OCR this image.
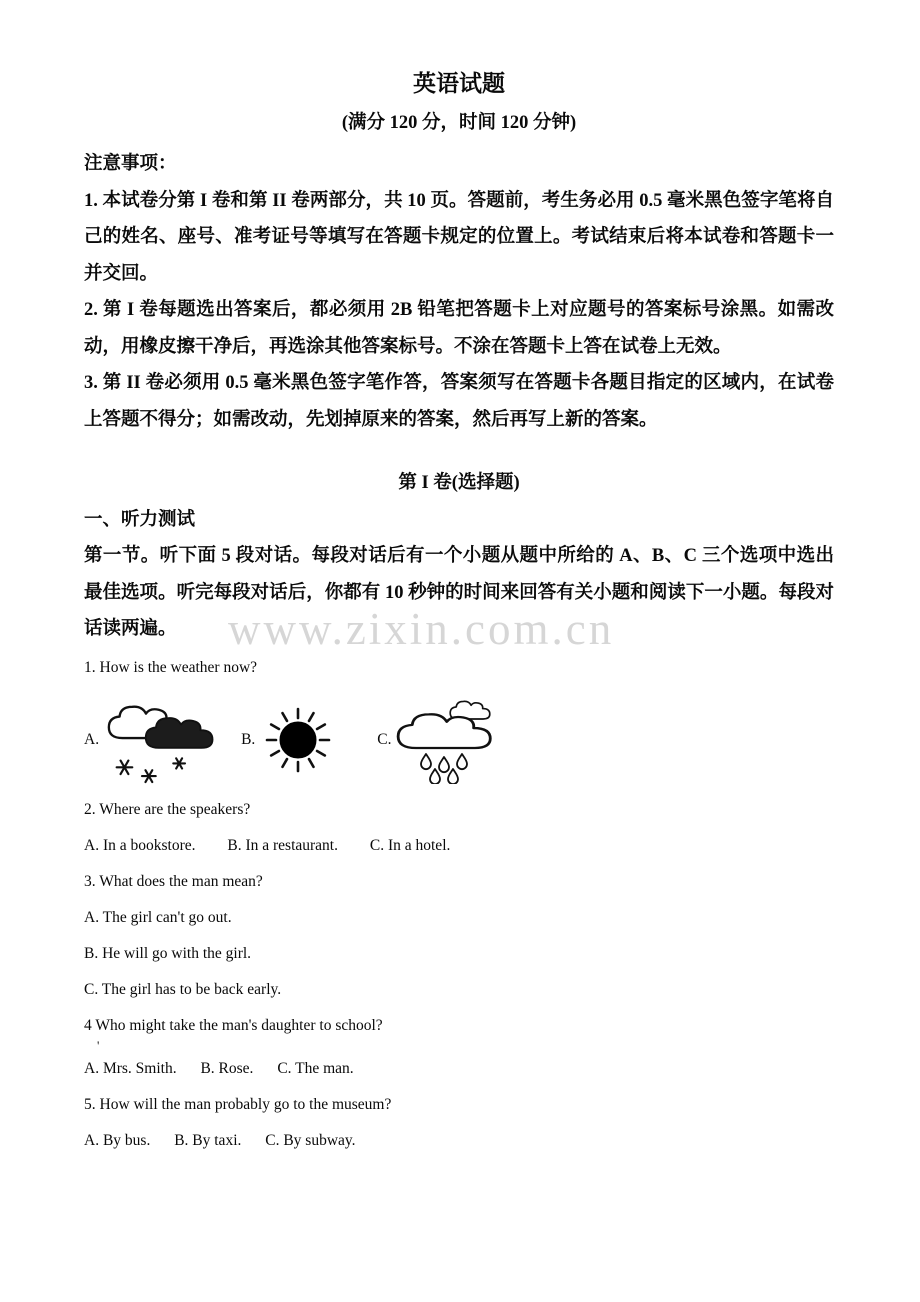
www.zixin.com.cn
英语试题
(满分 120 分，时间 120 分钟)

注意事项：

1. 本试卷分第 I 卷和第 II 卷两部分，共 10 页。答题前，考生务必用 0.5 毫米黑色签字笔将自己的姓名、座号、准考证号等填写在答题卡规定的位置上。考试结束后将本试卷和答题卡一并交回。

2. 第 I 卷每题选出答案后，都必须用 2B 铅笔把答题卡上对应题号的答案标号涂黑。如需改动，用橡皮擦干净后，再选涂其他答案标号。不涂在答题卡上答在试卷上无效。

3. 第 II 卷必须用 0.5 毫米黑色签字笔作答，答案须写在答题卡各题目指定的区域内，在试卷上答题不得分；如需改动，先划掉原来的答案，然后再写上新的答案。

第 I 卷(选择题)

一、听力测试

第一节。听下面 5 段对话。每段对话后有一个小题从题中所给的 A、B、C 三个选项中选出最佳选项。听完每段对话后，你都有 10 秒钟的时间来回答有关小题和阅读下一小题。每段对话读两遍。

1. How is the weather now?

A.	B.	C.

2. Where are the speakers?

A. In a bookstore. B. In a restaurant. C. In a hotel.

3. What does the man mean?

A. The girl can't go out.

B. He will go with the girl.

C. The girl has to be back early.

4 Who might take the man's daughter to school?

'

A. Mrs. Smith. B. Rose. C. The man.

5. How will the man probably go to the museum?

A. By bus. B. By taxi. C. By subway.
